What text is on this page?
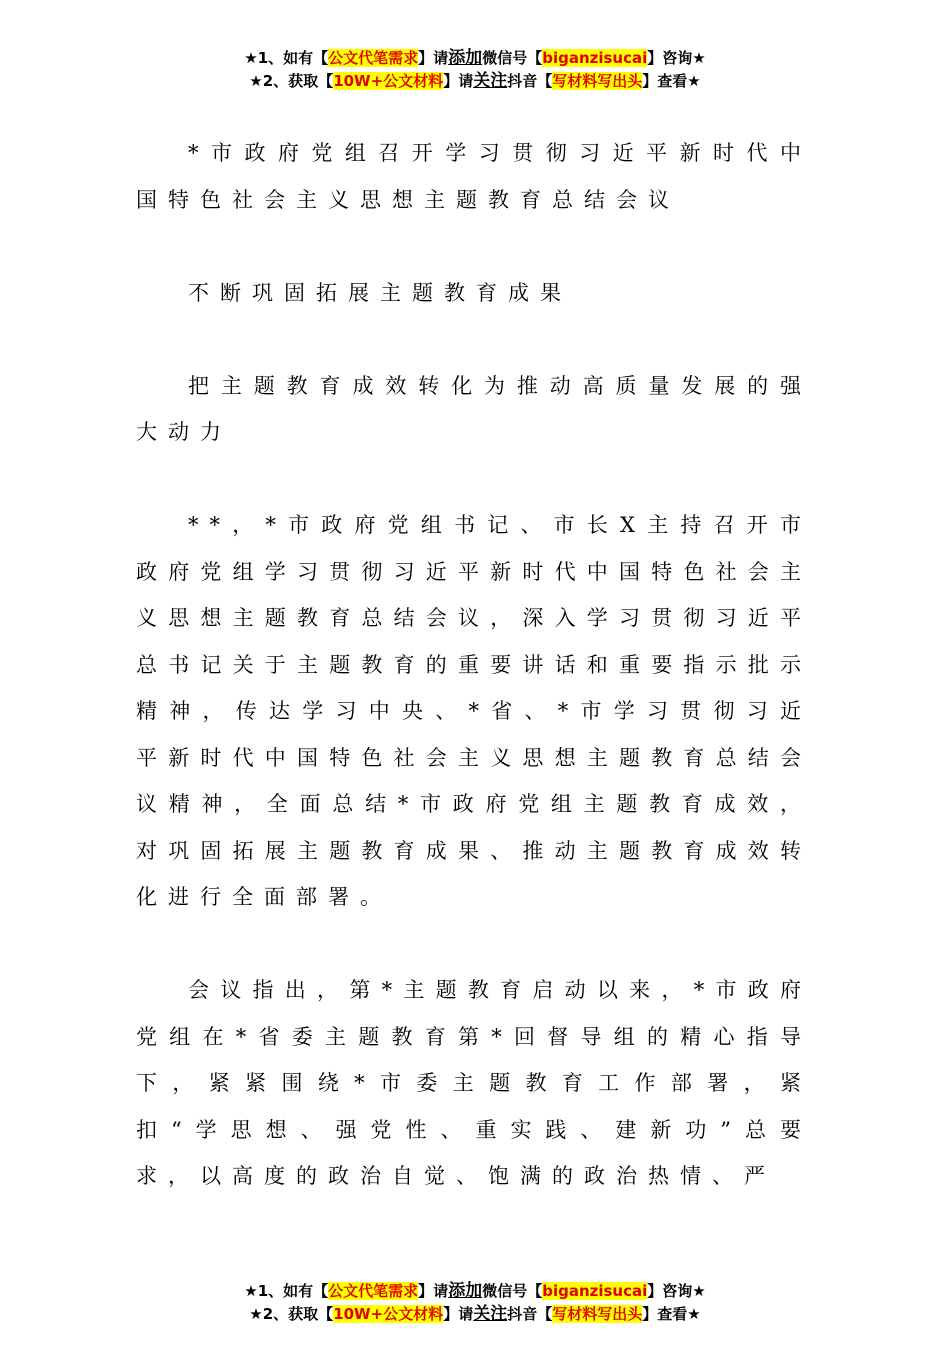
★1、如有【公文代笔需求】请添加微信号【biganzisucai】咨询★
★2、获取【10W+公文材料】请关注抖音【写材料写出头】查看★

*市政府党组召开学习贯彻习近平新时代中国特色社会主义思想主题教育总结会议

不断巩固拓展主题教育成果

把主题教育成效转化为推动高质量发展的强大动力

**，*市政府党组书记、市长X主持召开市政府党组学习贯彻习近平新时代中国特色社会主义思想主题教育总结会议，深入学习贯彻习近平总书记关于主题教育的重要讲话和重要指示批示精神，传达学习中央、*省、*市学习贯彻习近平新时代中国特色社会主义思想主题教育总结会议精神，全面总结*市政府党组主题教育成效，对巩固拓展主题教育成果、推动主题教育成效转化进行全面部署。

会议指出，第*主题教育启动以来，*市政府党组在*省委主题教育第*回督导组的精心指导下，紧紧围绕*市委主题教育工作部署，紧扣“学思想、强党性、重实践、建新功”总要求，以高度的政治自觉、饱满的政治热情、严

★1、如有【公文代笔需求】请添加微信号【biganzisucai】咨询★
★2、获取【10W+公文材料】请关注抖音【写材料写出头】查看★
